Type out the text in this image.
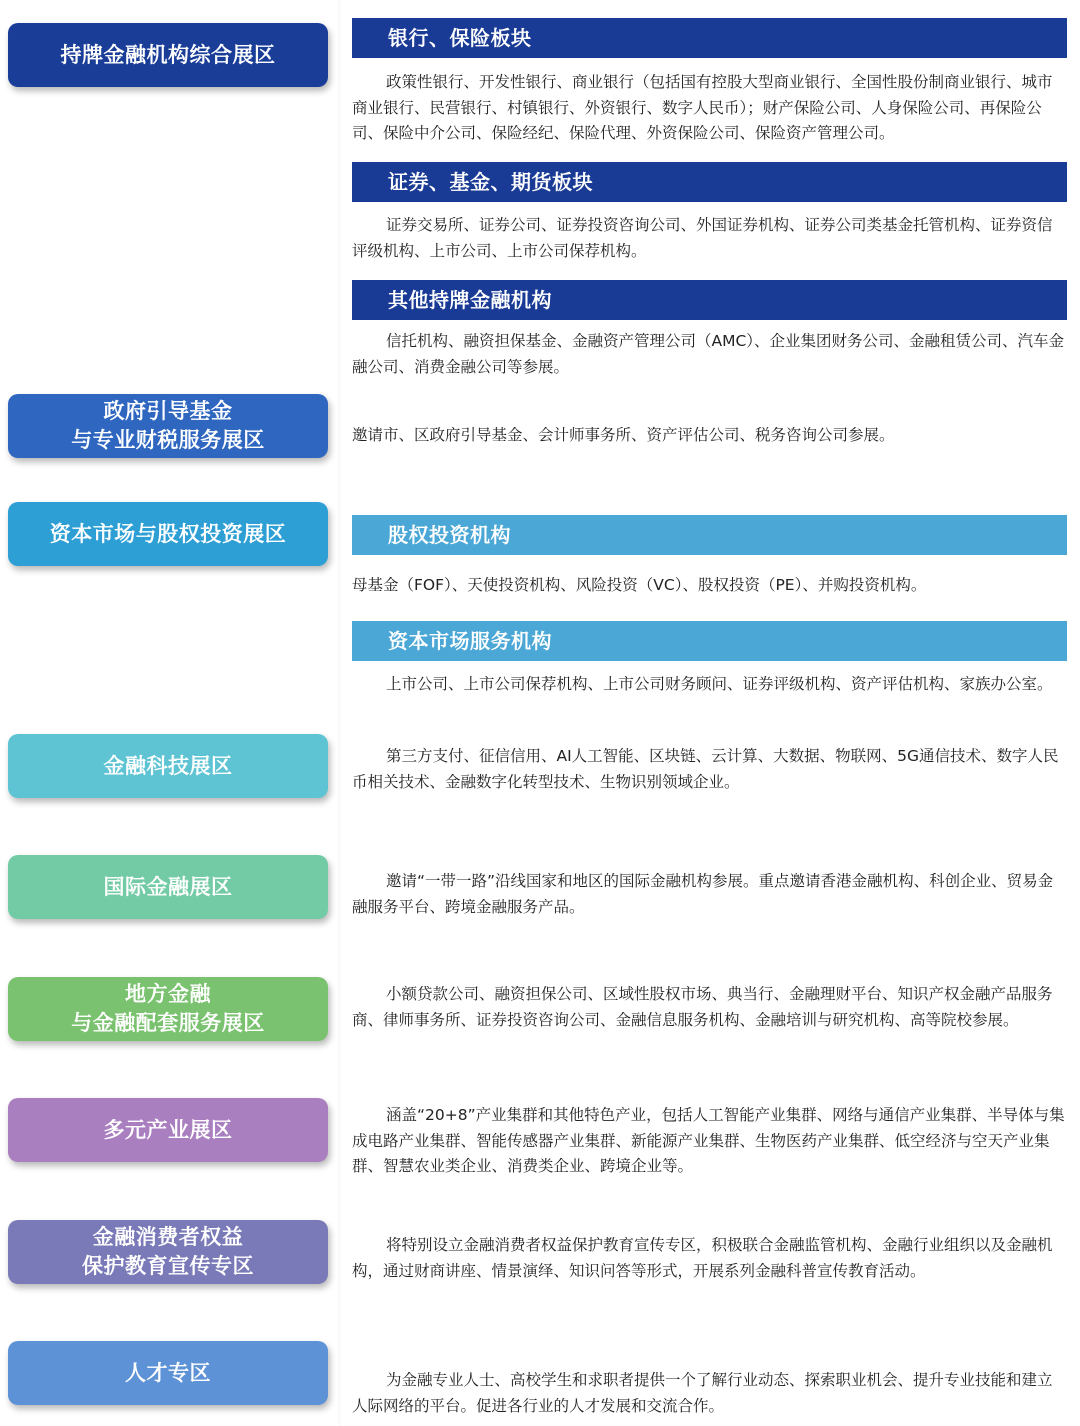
持牌金融机构综合展区
政府引导基金
与专业财税服务展区
资本市场与股权投资展区
金融科技展区
国际金融展区
地方金融
与金融配套服务展区
多元产业展区
金融消费者权益
保护教育宣传专区
人才专区
银行、保险板块

政策性银行、开发性银行、商业银行（包括国有控股大型商业银行、全国性股份制商业银行、城市商业银行、民营银行、村镇银行、外资银行、数字人民币）；财产保险公司、人身保险公司、再保险公司、保险中介公司、保险经纪、保险代理、外资保险公司、保险资产管理公司。

证券、基金、期货板块

证券交易所、证券公司、证券投资咨询公司、外国证券机构、证券公司类基金托管机构、证券资信评级机构、上市公司、上市公司保荐机构。

其他持牌金融机构

信托机构、融资担保基金、金融资产管理公司（AMC）、企业集团财务公司、金融租赁公司、汽车金融公司、消费金融公司等参展。

邀请市、区政府引导基金、会计师事务所、资产评估公司、税务咨询公司参展。

股权投资机构

母基金（FOF）、天使投资机构、风险投资（VC）、股权投资（PE）、并购投资机构。

资本市场服务机构

上市公司、上市公司保荐机构、上市公司财务顾问、证券评级机构、资产评估机构、家族办公室。

第三方支付、征信信用、AI人工智能、区块链、云计算、大数据、物联网、5G通信技术、数字人民币相关技术、金融数字化转型技术、生物识别领域企业。

邀请“一带一路”沿线国家和地区的国际金融机构参展。重点邀请香港金融机构、科创企业、贸易金融服务平台、跨境金融服务产品。

小额贷款公司、融资担保公司、区域性股权市场、典当行、金融理财平台、知识产权金融产品服务商、律师事务所、证券投资咨询公司、金融信息服务机构、金融培训与研究机构、高等院校参展。

涵盖“20+8”产业集群和其他特色产业，包括人工智能产业集群、网络与通信产业集群、半导体与集成电路产业集群、智能传感器产业集群、新能源产业集群、生物医药产业集群、低空经济与空天产业集群、智慧农业类企业、消费类企业、跨境企业等。

将特别设立金融消费者权益保护教育宣传专区，积极联合金融监管机构、金融行业组织以及金融机构，通过财商讲座、情景演绎、知识问答等形式，开展系列金融科普宣传教育活动。

为金融专业人士、高校学生和求职者提供一个了解行业动态、探索职业机会、提升专业技能和建立人际网络的平台。促进各行业的人才发展和交流合作。
